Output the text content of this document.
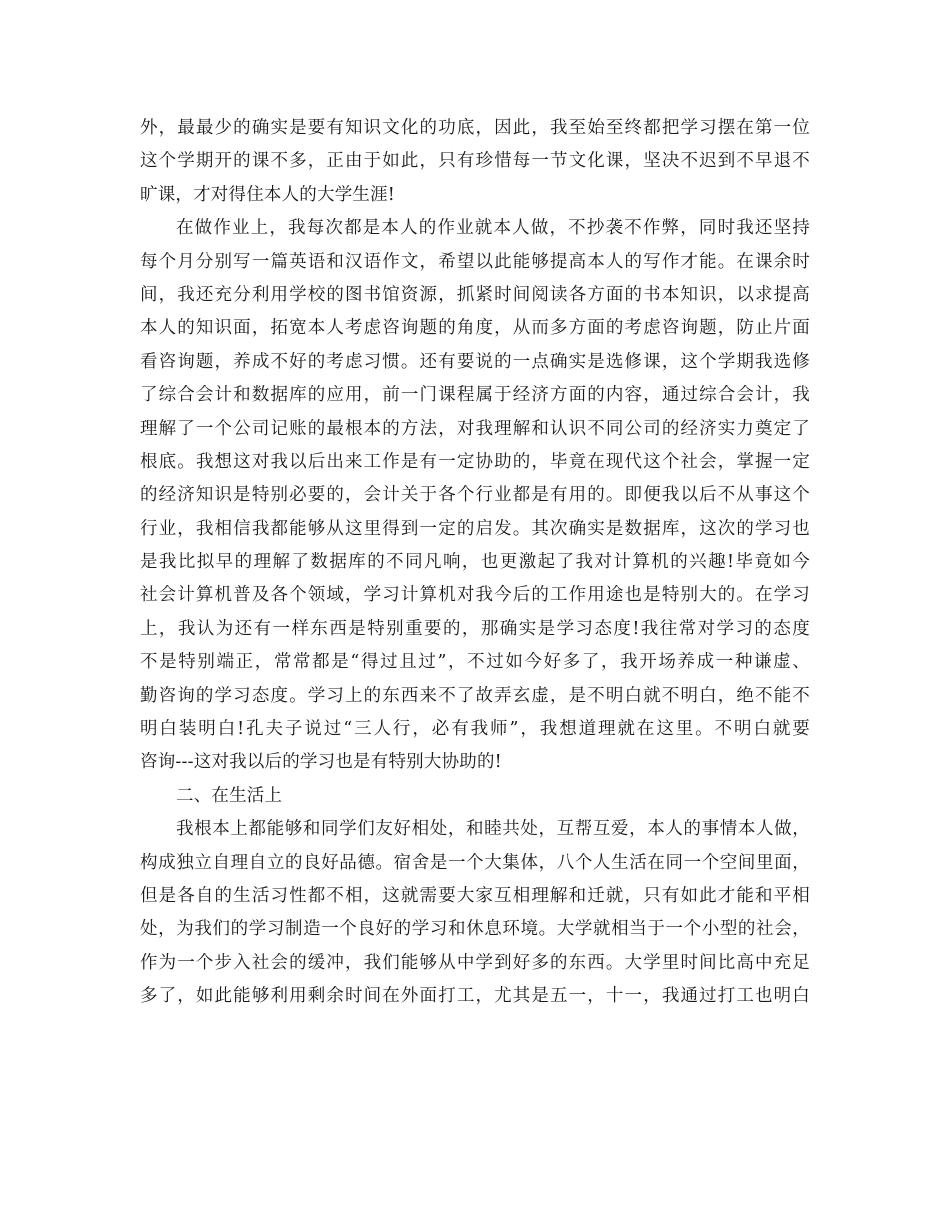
外，最最少的确实是要有知识文化的功底，因此，我至始至终都把学习摆在第一位
这个学期开的课不多，正由于如此，只有珍惜每一节文化课，坚决不迟到不早退不
旷课，才对得住本人的大学生涯!
在做作业上，我每次都是本人的作业就本人做，不抄袭不作弊，同时我还坚持
每个月分别写一篇英语和汉语作文，希望以此能够提高本人的写作才能。在课余时
间，我还充分利用学校的图书馆资源，抓紧时间阅读各方面的书本知识，以求提高
本人的知识面，拓宽本人考虑咨询题的角度，从而多方面的考虑咨询题，防止片面
看咨询题，养成不好的考虑习惯。还有要说的一点确实是选修课，这个学期我选修
了综合会计和数据库的应用，前一门课程属于经济方面的内容，通过综合会计，我
理解了一个公司记账的最根本的方法，对我理解和认识不同公司的经济实力奠定了
根底。我想这对我以后出来工作是有一定协助的，毕竟在现代这个社会，掌握一定
的经济知识是特别必要的，会计关于各个行业都是有用的。即便我以后不从事这个
行业，我相信我都能够从这里得到一定的启发。其次确实是数据库，这次的学习也
是我比拟早的理解了数据库的不同凡响，也更激起了我对计算机的兴趣!毕竟如今
社会计算机普及各个领域，学习计算机对我今后的工作用途也是特别大的。在学习
上，我认为还有一样东西是特别重要的，那确实是学习态度!我往常对学习的态度
不是特别端正，常常都是“得过且过”，不过如今好多了，我开场养成一种谦虚、
勤咨询的学习态度。学习上的东西来不了故弄玄虚，是不明白就不明白，绝不能不
明白装明白!孔夫子说过“三人行，必有我师”，我想道理就在这里。不明白就要
咨询---这对我以后的学习也是有特别大协助的!
二、在生活上
我根本上都能够和同学们友好相处，和睦共处，互帮互爱，本人的事情本人做，
构成独立自理自立的良好品德。宿舍是一个大集体，八个人生活在同一个空间里面，
但是各自的生活习性都不相，这就需要大家互相理解和迁就，只有如此才能和平相
处，为我们的学习制造一个良好的学习和休息环境。大学就相当于一个小型的社会，
作为一个步入社会的缓冲，我们能够从中学到好多的东西。大学里时间比高中充足
多了，如此能够利用剩余时间在外面打工，尤其是五一，十一，我通过打工也明白
